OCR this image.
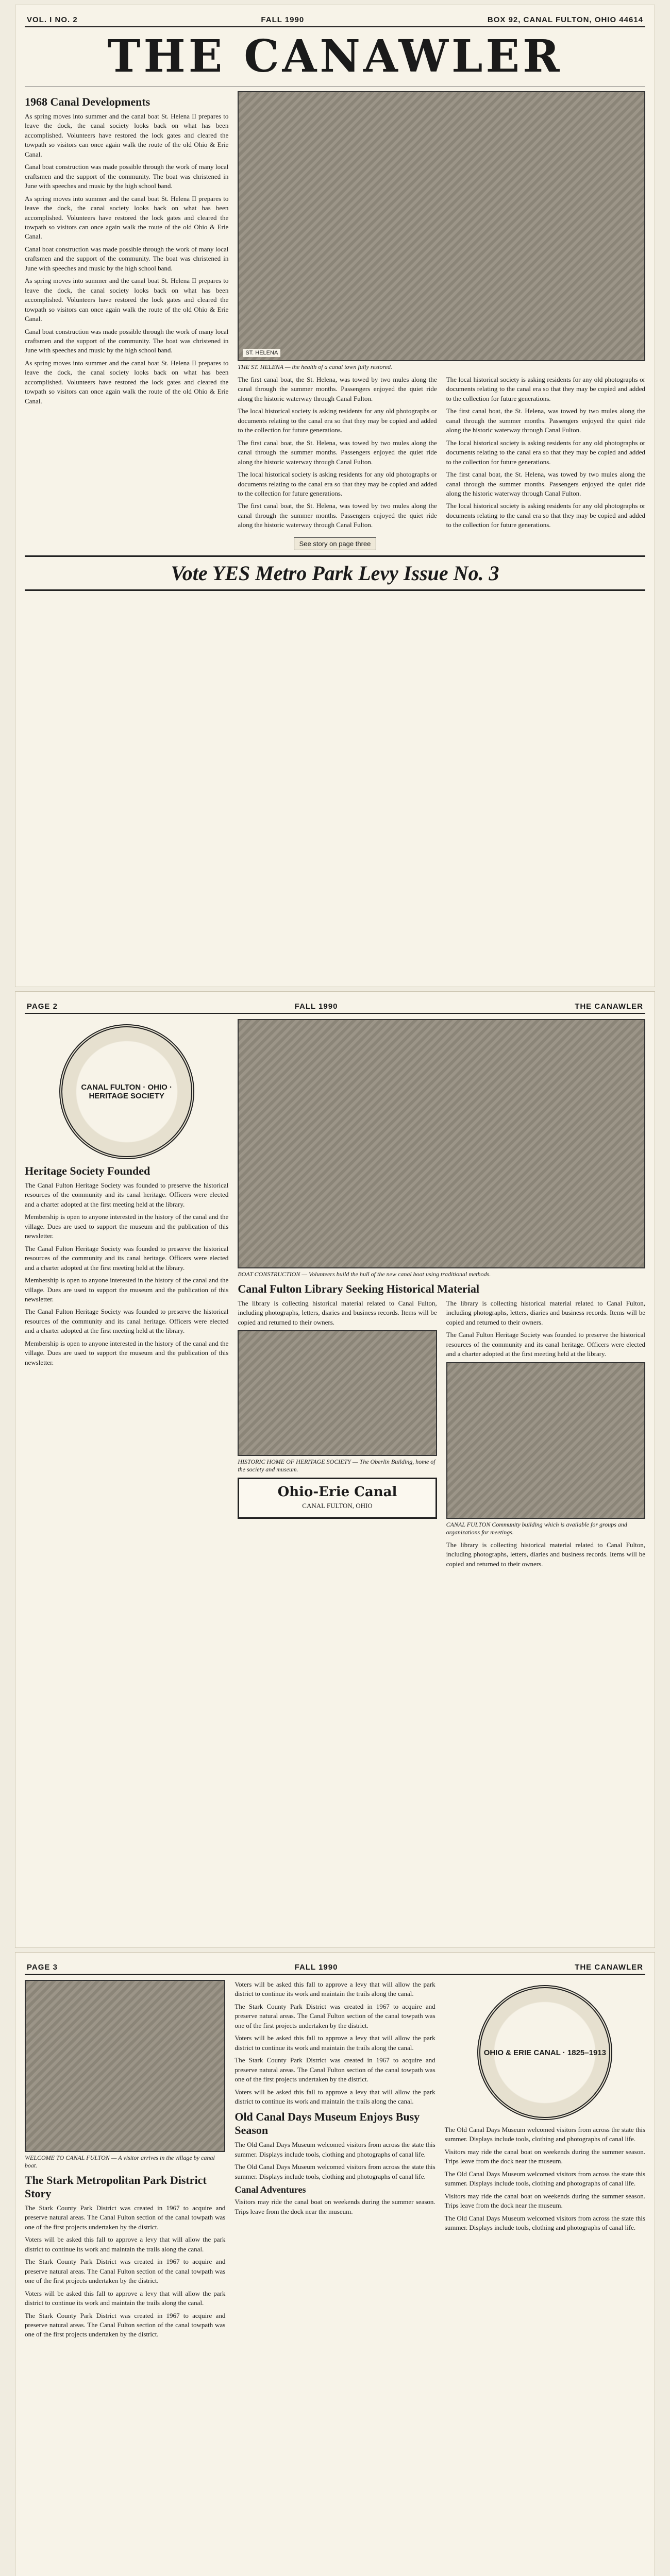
VOL. I NO. 2	FALL 1990	BOX 92, CANAL FULTON, OHIO 44614
THE CANAWLER
1968 Canal Developments

As spring moves into summer and the canal boat St. Helena II prepares to leave the dock, the canal society looks back on what has been accomplished. Volunteers have restored the lock gates and cleared the towpath so visitors can once again walk the route of the old Ohio & Erie Canal.

Canal boat construction was made possible through the work of many local craftsmen and the support of the community. The boat was christened in June with speeches and music by the high school band.

As spring moves into summer and the canal boat St. Helena II prepares to leave the dock, the canal society looks back on what has been accomplished. Volunteers have restored the lock gates and cleared the towpath so visitors can once again walk the route of the old Ohio & Erie Canal.

Canal boat construction was made possible through the work of many local craftsmen and the support of the community. The boat was christened in June with speeches and music by the high school band.

As spring moves into summer and the canal boat St. Helena II prepares to leave the dock, the canal society looks back on what has been accomplished. Volunteers have restored the lock gates and cleared the towpath so visitors can once again walk the route of the old Ohio & Erie Canal.

Canal boat construction was made possible through the work of many local craftsmen and the support of the community. The boat was christened in June with speeches and music by the high school band.

As spring moves into summer and the canal boat St. Helena II prepares to leave the dock, the canal society looks back on what has been accomplished. Volunteers have restored the lock gates and cleared the towpath so visitors can once again walk the route of the old Ohio & Erie Canal.

ST. HELENA
THE ST. HELENA — the health of a canal town fully restored.

The first canal boat, the St. Helena, was towed by two mules along the canal through the summer months. Passengers enjoyed the quiet ride along the historic waterway through Canal Fulton.

The local historical society is asking residents for any old photographs or documents relating to the canal era so that they may be copied and added to the collection for future generations.

The first canal boat, the St. Helena, was towed by two mules along the canal through the summer months. Passengers enjoyed the quiet ride along the historic waterway through Canal Fulton.

The local historical society is asking residents for any old photographs or documents relating to the canal era so that they may be copied and added to the collection for future generations.

The first canal boat, the St. Helena, was towed by two mules along the canal through the summer months. Passengers enjoyed the quiet ride along the historic waterway through Canal Fulton.

The local historical society is asking residents for any old photographs or documents relating to the canal era so that they may be copied and added to the collection for future generations.

The first canal boat, the St. Helena, was towed by two mules along the canal through the summer months. Passengers enjoyed the quiet ride along the historic waterway through Canal Fulton.

The local historical society is asking residents for any old photographs or documents relating to the canal era so that they may be copied and added to the collection for future generations.

The first canal boat, the St. Helena, was towed by two mules along the canal through the summer months. Passengers enjoyed the quiet ride along the historic waterway through Canal Fulton.

The local historical society is asking residents for any old photographs or documents relating to the canal era so that they may be copied and added to the collection for future generations.

See story on page three
Vote YES Metro Park Levy Issue No. 3
PAGE 2	FALL 1990	THE CANAWLER
CANAL FULTON · OHIO · HERITAGE SOCIETY
Heritage Society Founded

The Canal Fulton Heritage Society was founded to preserve the historical resources of the community and its canal heritage. Officers were elected and a charter adopted at the first meeting held at the library.

Membership is open to anyone interested in the history of the canal and the village. Dues are used to support the museum and the publication of this newsletter.

The Canal Fulton Heritage Society was founded to preserve the historical resources of the community and its canal heritage. Officers were elected and a charter adopted at the first meeting held at the library.

Membership is open to anyone interested in the history of the canal and the village. Dues are used to support the museum and the publication of this newsletter.

The Canal Fulton Heritage Society was founded to preserve the historical resources of the community and its canal heritage. Officers were elected and a charter adopted at the first meeting held at the library.

Membership is open to anyone interested in the history of the canal and the village. Dues are used to support the museum and the publication of this newsletter.

BOAT CONSTRUCTION — Volunteers build the hull of the new canal boat using traditional methods.
Canal Fulton Library Seeking Historical Material

The library is collecting historical material related to Canal Fulton, including photographs, letters, diaries and business records. Items will be copied and returned to their owners.

HISTORIC HOME OF HERITAGE SOCIETY — The Oberlin Building, home of the society and museum.
Ohio-Erie Canal
CANAL FULTON, OHIO

The library is collecting historical material related to Canal Fulton, including photographs, letters, diaries and business records. Items will be copied and returned to their owners.

The Canal Fulton Heritage Society was founded to preserve the historical resources of the community and its canal heritage. Officers were elected and a charter adopted at the first meeting held at the library.

CANAL FULTON Community building which is available for groups and organizations for meetings.

The library is collecting historical material related to Canal Fulton, including photographs, letters, diaries and business records. Items will be copied and returned to their owners.

PAGE 3	FALL 1990	THE CANAWLER
WELCOME TO CANAL FULTON — A visitor arrives in the village by canal boat.
The Stark Metropolitan Park District Story

The Stark County Park District was created in 1967 to acquire and preserve natural areas. The Canal Fulton section of the canal towpath was one of the first projects undertaken by the district.

Voters will be asked this fall to approve a levy that will allow the park district to continue its work and maintain the trails along the canal.

The Stark County Park District was created in 1967 to acquire and preserve natural areas. The Canal Fulton section of the canal towpath was one of the first projects undertaken by the district.

Voters will be asked this fall to approve a levy that will allow the park district to continue its work and maintain the trails along the canal.

The Stark County Park District was created in 1967 to acquire and preserve natural areas. The Canal Fulton section of the canal towpath was one of the first projects undertaken by the district.

Voters will be asked this fall to approve a levy that will allow the park district to continue its work and maintain the trails along the canal.

The Stark County Park District was created in 1967 to acquire and preserve natural areas. The Canal Fulton section of the canal towpath was one of the first projects undertaken by the district.

Voters will be asked this fall to approve a levy that will allow the park district to continue its work and maintain the trails along the canal.

The Stark County Park District was created in 1967 to acquire and preserve natural areas. The Canal Fulton section of the canal towpath was one of the first projects undertaken by the district.

Voters will be asked this fall to approve a levy that will allow the park district to continue its work and maintain the trails along the canal.

Old Canal Days Museum Enjoys Busy Season

The Old Canal Days Museum welcomed visitors from across the state this summer. Displays include tools, clothing and photographs of canal life.

The Old Canal Days Museum welcomed visitors from across the state this summer. Displays include tools, clothing and photographs of canal life.

Canal Adventures

Visitors may ride the canal boat on weekends during the summer season. Trips leave from the dock near the museum.

OHIO & ERIE CANAL · 1825–1913

The Old Canal Days Museum welcomed visitors from across the state this summer. Displays include tools, clothing and photographs of canal life.

Visitors may ride the canal boat on weekends during the summer season. Trips leave from the dock near the museum.

The Old Canal Days Museum welcomed visitors from across the state this summer. Displays include tools, clothing and photographs of canal life.

Visitors may ride the canal boat on weekends during the summer season. Trips leave from the dock near the museum.

The Old Canal Days Museum welcomed visitors from across the state this summer. Displays include tools, clothing and photographs of canal life.
